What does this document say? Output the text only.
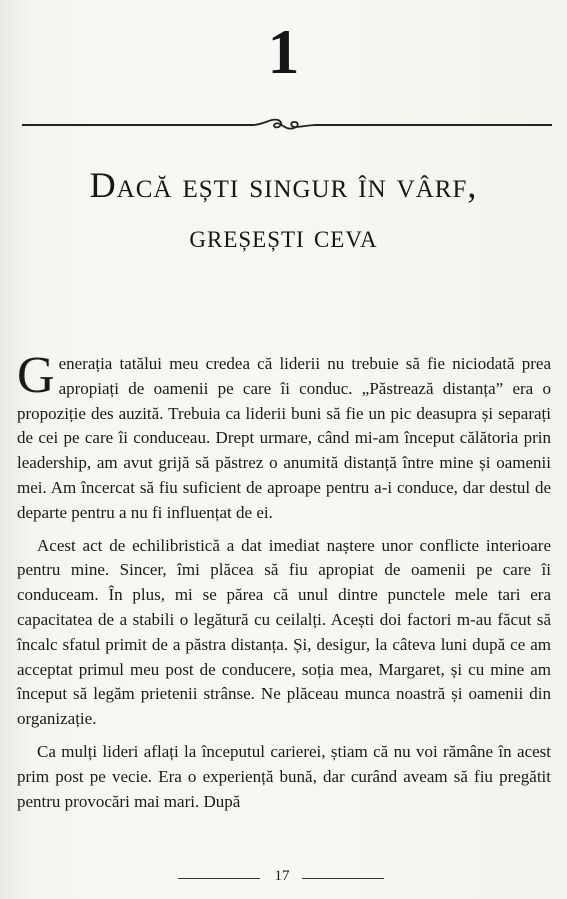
1
Dacă ești singur în vârf,
greșești ceva

Generația tatălui meu credea că liderii nu trebuie să fie niciodată prea apropiați de oamenii pe care îi conduc. „Păstrează distanța” era o propoziție des auzită. Trebuia ca liderii buni să fie un pic deasupra și separați de cei pe care îi conduceau. Drept urmare, când mi-am început călătoria prin leadership, am avut grijă să păstrez o anumită distanță între mine și oamenii mei. Am încercat să fiu suficient de aproape pentru a-i conduce, dar destul de departe pentru a nu fi influențat de ei.

Acest act de echilibristică a dat imediat naștere unor conflicte interioare pentru mine. Sincer, îmi plăcea să fiu apropiat de oamenii pe care îi conduceam. În plus, mi se părea că unul dintre punctele mele tari era capacitatea de a stabili o legătură cu ceilalți. Acești doi factori m-au făcut să încalc sfatul primit de a păstra distanța. Și, desigur, la câteva luni după ce am acceptat primul meu post de conducere, soția mea, Margaret, și cu mine am început să legăm prietenii strânse. Ne plăceau munca noastră și oamenii din organizație.

Ca mulți lideri aflați la începutul carierei, știam că nu voi rămâne în acest prim post pe vecie. Era o experiență bună, dar curând aveam să fiu pregătit pentru provocări mai mari. După

17
